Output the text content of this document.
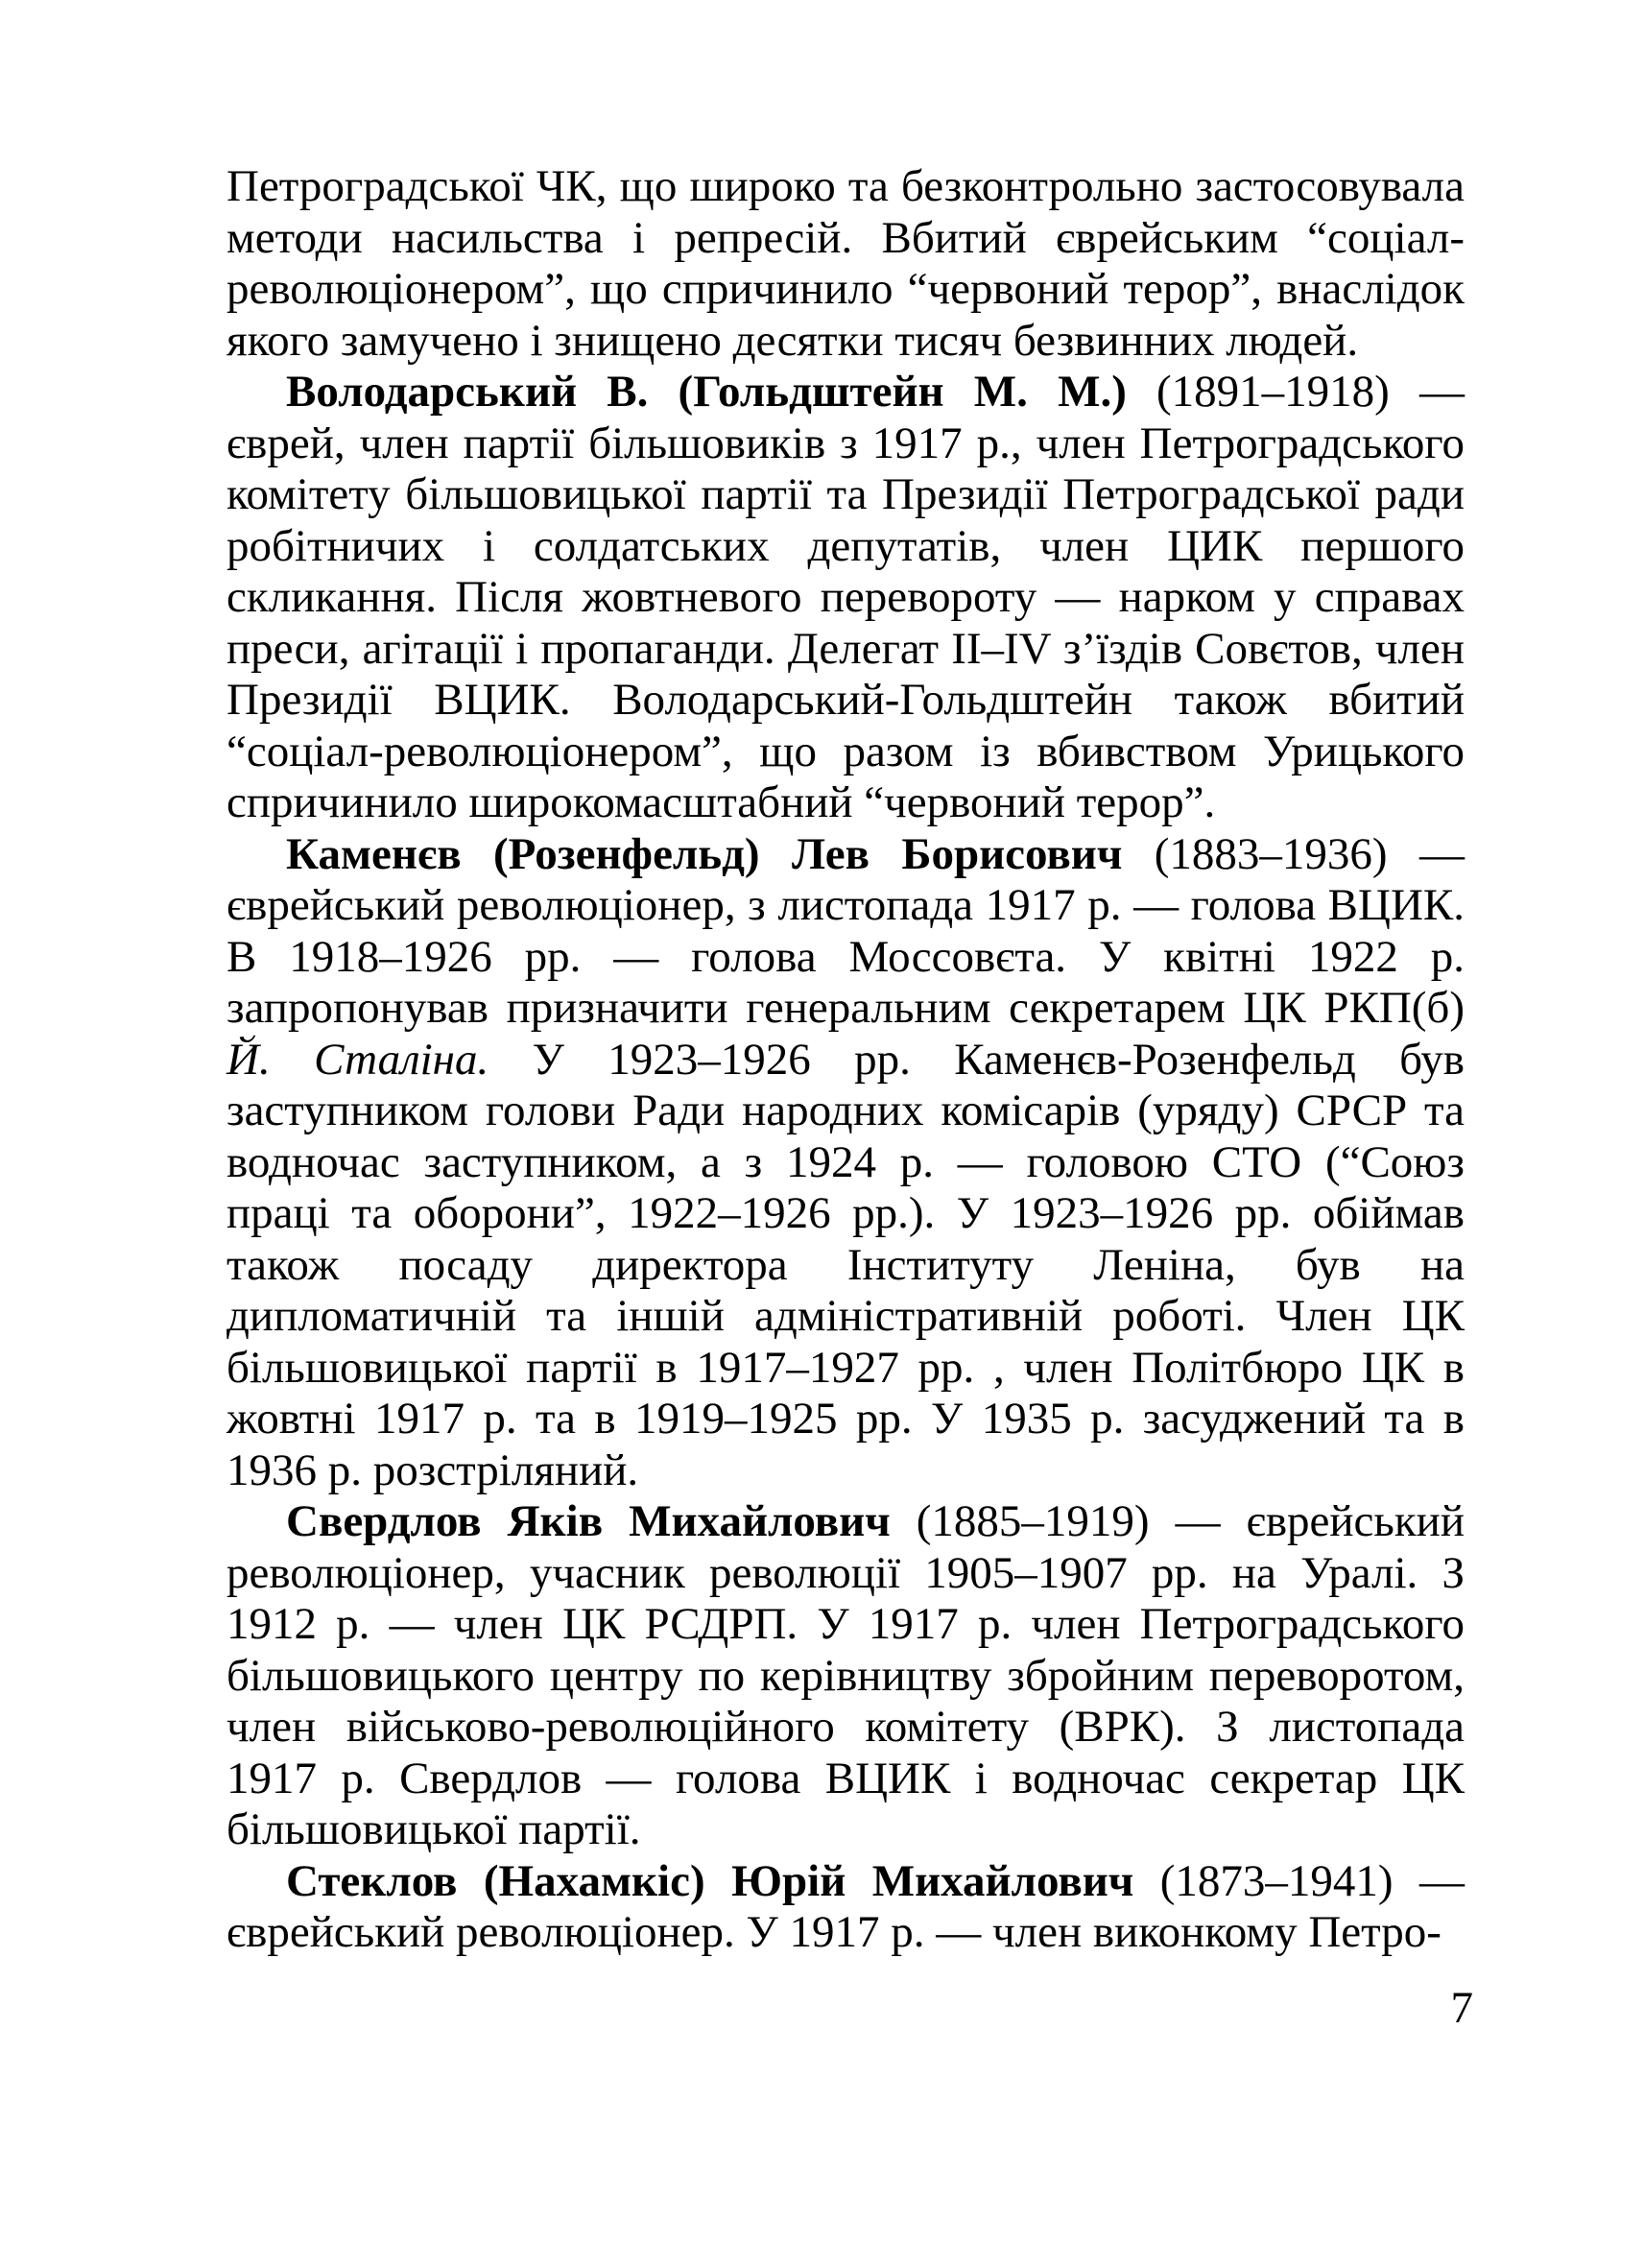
Петроградської ЧК, що широко та безконтрольно застосовувала методи насильства і репресій. Вбитий єврейським “соціал-революціонером”, що спричинило “червоний терор”, внаслідок якого замучено і знищено десятки тисяч безвинних людей.

Володарський В. (Гольдштейн М. М.) (1891–1918) — єврей, член партії більшовиків з 1917 р., член Петроградського комітету більшовицької партії та Президії Петроградської ради робітничих і солдатських депутатів, член ЦИК першого скликання. Після жовтневого перевороту — нарком у справах преси, агітації і пропаганди. Делегат II–IV з’їздів Совєтов, член Президії ВЦИК. Володарський-Гольдштейн також вбитий “соціал-революціонером”, що разом із вбивством Урицького спричинило широкомасштабний “червоний терор”.

Каменєв (Розенфельд) Лев Борисович (1883–1936) — єврейський революціонер, з листопада 1917 р. — голова ВЦИК. В 1918–1926 рр. — голова Моссовєта. У квітні 1922 р. запропонував призначити генеральним секретарем ЦК РКП(б) Й. Сталіна. У 1923–1926 рр. Каменєв-Розенфельд був заступником голови Ради народних комісарів (уряду) СРСР та водночас заступником, а з 1924 р. — головою СТО (“Союз праці та оборони”, 1922–1926 рр.). У 1923–1926 рр. обіймав також посаду директора Інституту Леніна, був на дипломатичній та іншій адміністративній роботі. Член ЦК більшовицької партії в 1917–1927 рр. , член Політбюро ЦК в жовтні 1917 р. та в 1919–1925 рр. У 1935 р. засуджений та в 1936 р. розстріляний.

Свердлов Яків Михайлович (1885–1919) — єврейський революціонер, учасник революції 1905–1907 рр. на Уралі. З 1912 р. — член ЦК РСДРП. У 1917 р. член Петроградського більшовицького центру по керівництву збройним переворотом, член військово-революційного комітету (ВРК). З листопада 1917 р. Свердлов — голова ВЦИК і водночас секретар ЦК більшовицької партії.

Стеклов (Нахамкіс) Юрій Михайлович (1873–1941) — єврейський революціонер. У 1917 р. — член виконкому Петро-

7
